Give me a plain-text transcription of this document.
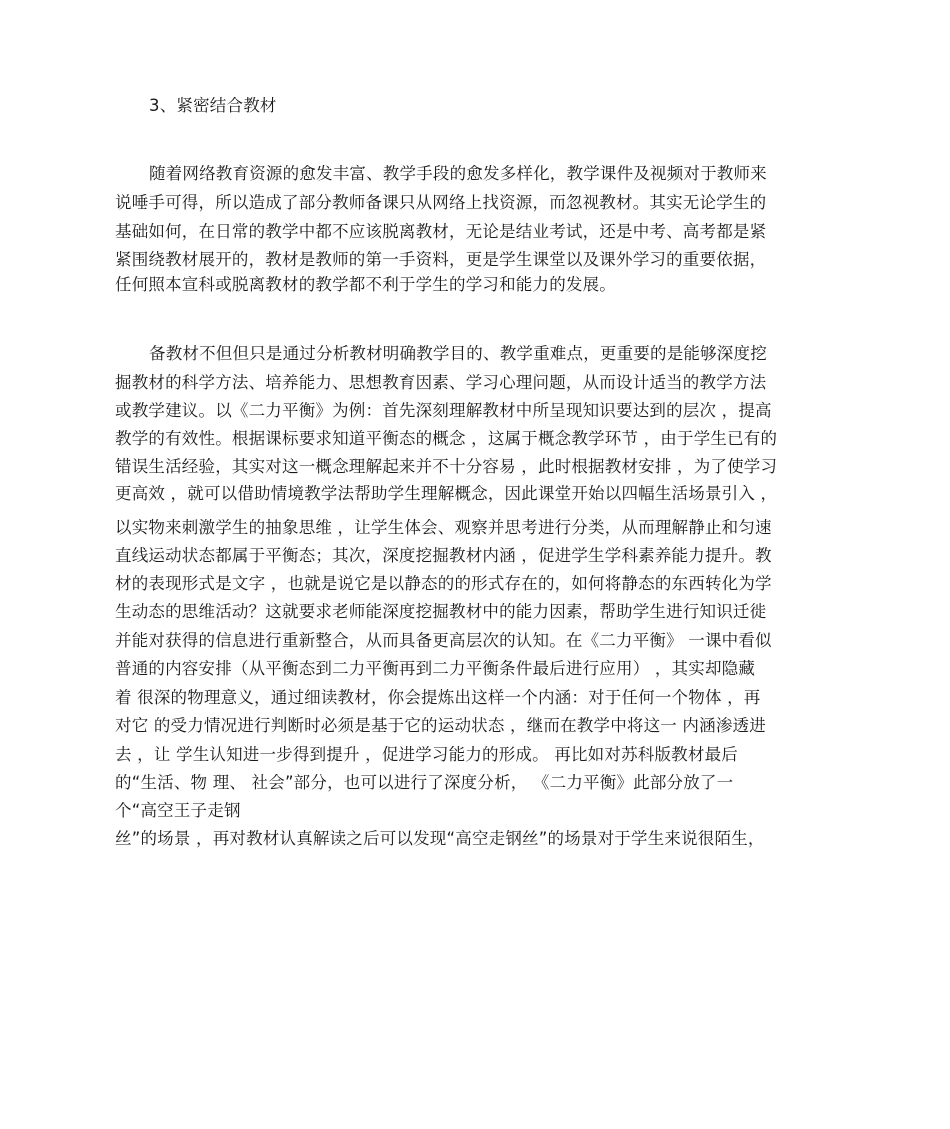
3、紧密结合教材
随着网络教育资源的愈发丰富、教学手段的愈发多样化，教学课件及视频对于教师来
说唾手可得，所以造成了部分教师备课只从网络上找资源，而忽视教材。其实无论学生的
基础如何，在日常的教学中都不应该脱离教材，无论是结业考试，还是中考、高考都是紧
紧围绕教材展开的，教材是教师的第一手资料，更是学生课堂以及课外学习的重要依据，
任何照本宣科或脱离教材的教学都不利于学生的学习和能力的发展。
备教材不但但只是通过分析教材明确教学目的、教学重难点，更重要的是能够深度挖
掘教材的科学方法、培养能力、思想教育因素、学习心理问题，从而设计适当的教学方法
或教学建议。以《二力平衡》为例：首先深刻理解教材中所呈现知识要达到的层次 ，提高
教学的有效性。根据课标要求知道平衡态的概念 ，这属于概念教学环节 ，由于学生已有的
错误生活经验，其实对这一概念理解起来并不十分容易 ，此时根据教材安排 ，为了使学习
更高效 ，就可以借助情境教学法帮助学生理解概念，因此课堂开始以四幅生活场景引入 ，
以实物来刺激学生的抽象思维 ，让学生体会、观察并思考进行分类，从而理解静止和匀速
直线运动状态都属于平衡态；其次，深度挖掘教材内涵 ，促进学生学科素养能力提升。教
材的表现形式是文字 ，也就是说它是以静态的的形式存在的，如何将静态的东西转化为学
生动态的思维活动？这就要求老师能深度挖掘教材中的能力因素，帮助学生进行知识迁徙
并能对获得的信息进行重新整合，从而具备更高层次的认知。在《二力平衡》 一课中看似
普通的内容安排（从平衡态到二力平衡再到二力平衡条件最后进行应用） ，其实却隐藏
着 很深的物理意义，通过细读教材，你会提炼出这样一个内涵：对于任何一个物体 ，再
对它 的受力情况进行判断时必须是基于它的运动状态 ，继而在教学中将这一 内涵渗透进
去 ，让 学生认知进一步得到提升 ，促进学习能力的形成。 再比如对苏科版教材最后
的“生活、物 理、 社会”部分，也可以进行了深度分析， 《二力平衡》此部分放了一
个“高空王子走钢
丝”的场景 ，再对教材认真解读之后可以发现“高空走钢丝”的场景对于学生来说很陌生，
